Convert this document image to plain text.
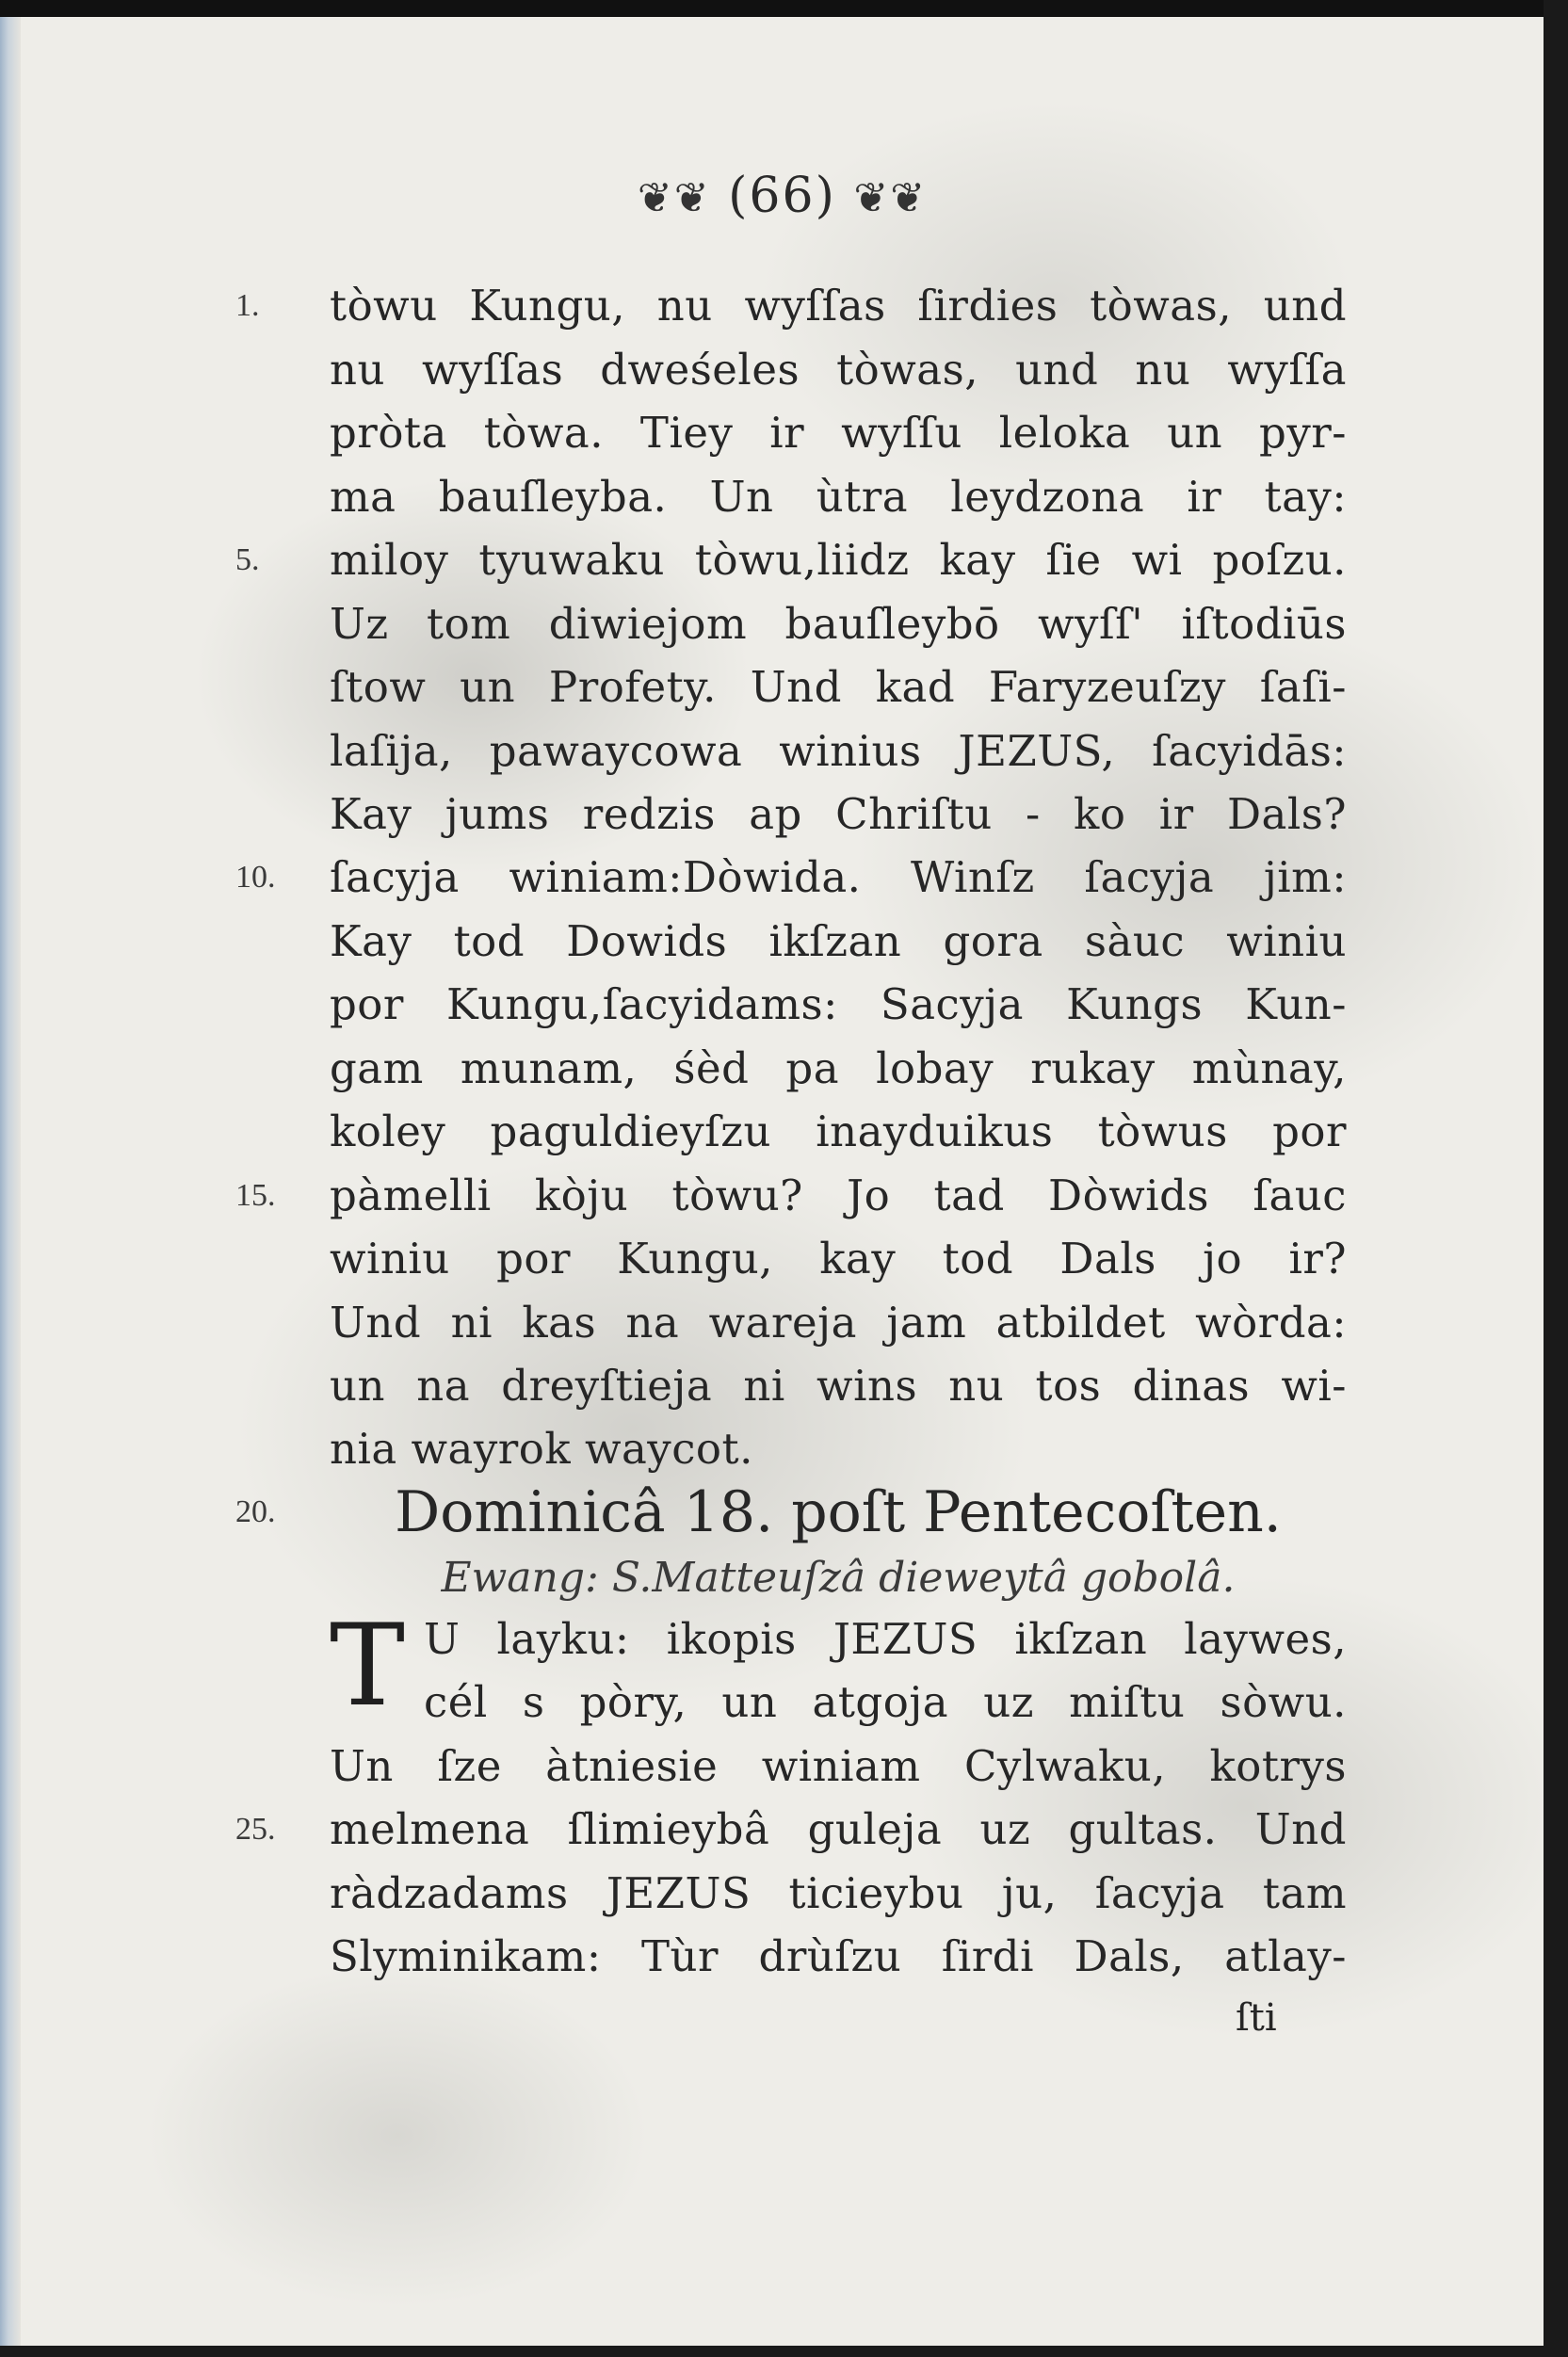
❦❦ (66) ❦❦
1.
5.
10.
15.
20.
25.
tòwu Kungu, nu wyſſas ſirdies tòwas, und
nu wyſſas dweśeles tòwas, und nu wyſſa
pròta tòwa. Tiey ir wyſſu leloka un pyr-
ma bauſleyba. Un ùtra leydzona ir tay:
miloy tyuwaku tòwu,liidz kay ſie wi poſzu.
Uz tom diwiejom bauſleybō wyſſ' iſtodiūs
ſtow un Profety. Und kad Faryzeuſzy ſaſi-
laſija, pawaycowa winius JEZUS, ſacyidās:
Kay jums redzis ap Chriſtu - ko ir Dals?
ſacyja winiam:Dòwida. Winſz ſacyja jim:
Kay tod Dowids ikſzan gora sàuc winiu
por Kungu,ſacyidams: Sacyja Kungs Kun-
gam munam, śèd pa lobay rukay mùnay,
koley paguldieyſzu inayduikus tòwus por
pàmelli kòju tòwu? Jo tad Dòwids ſauc
winiu por Kungu, kay tod Dals jo ir?
Und ni kas na wareja jam atbildet wòrda:
un na dreyſtieja ni wins nu tos dinas wi-
nia wayrok waycot.
Dominicâ 18. poſt Pentecoſten.
Ewang: S.Matteuſzâ dieweytâ gobolâ.
T U layku: ikopis JEZUS ikſzan laywes,
cél s pòry, un atgoja uz miſtu sòwu.
Un ſze àtniesie winiam Cylwaku, kotrys
melmena ſlimieybâ guleja uz gultas. Und
ràdzadams JEZUS ticieybu ju, ſacyja tam
Slyminikam: Tùr drùſzu ſirdi Dals, atlay-
ſti
